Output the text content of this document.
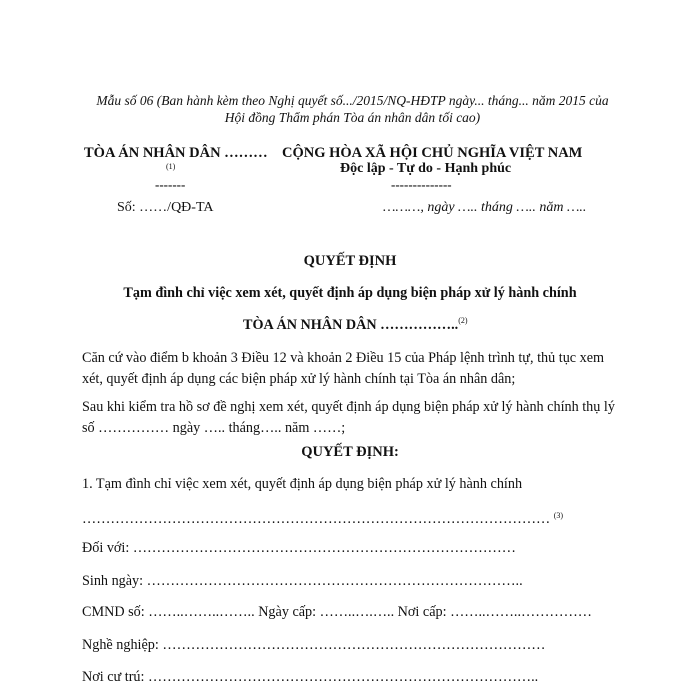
Mẫu số 06 (Ban hành kèm theo Nghị quyết số.../2015/NQ-HĐTP ngày... tháng... năm 2015 của
Hội đồng Thẩm phán Tòa án nhân dân tối cao)
TÒA ÁN NHÂN DÂN ………
(1)
-------
Số: ……/QĐ-TA
CỘNG HÒA XÃ HỘI CHỦ NGHĨA VIỆT NAM
Độc lập - Tự do - Hạnh phúc
--------------
………, ngày ….. tháng ….. năm …..
QUYẾT ĐỊNH
Tạm đình chỉ việc xem xét, quyết định áp dụng biện pháp xử lý hành chính
TÒA ÁN NHÂN DÂN ……………..$^{(2)}$
Căn cứ vào điểm b khoản 3 Điều 12 và khoản 2 Điều 15 của Pháp lệnh trình tự, thủ tục xem xét, quyết định áp dụng các biện pháp xử lý hành chính tại Tòa án nhân dân;
Sau khi kiểm tra hồ sơ đề nghị xem xét, quyết định áp dụng biện pháp xử lý hành chính thụ lý số …………… ngày ….. tháng….. năm ……;
QUYẾT ĐỊNH:
1. Tạm đình chỉ việc xem xét, quyết định áp dụng biện pháp xử lý hành chính
……………………………………………………………………………………… $^{(3)}$
Đối với: ………………………………………………………………………
Sinh ngày: ……………………………………………………………………..
CMND số: ……..……..…….. Ngày cấp: ……..….….. Nơi cấp: ……..……..……………
Nghề nghiệp: ………………………………………………………………………
Nơi cư trú: ………………………………………………………………………..
